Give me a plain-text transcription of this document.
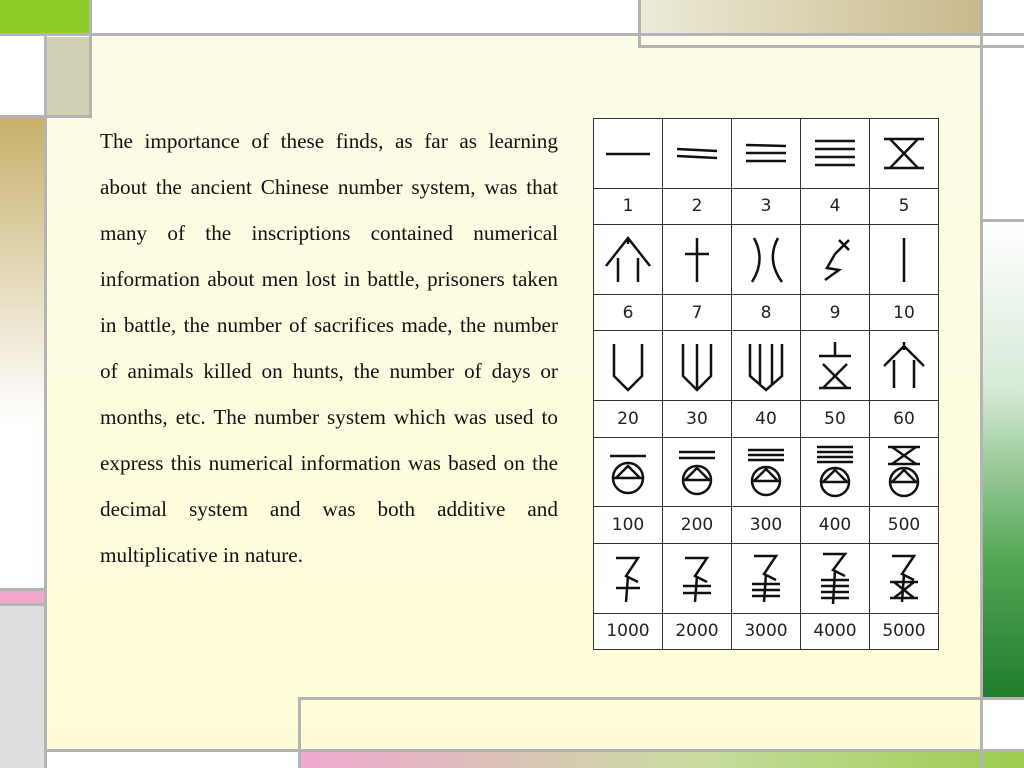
The importance of these finds, as far as learning about the ancient Chinese number system, was that many of the inscriptions contained numerical information about men lost in battle, prisoners taken in battle, the number of sacrifices made, the number of animals killed on hunts, the number of days or months, etc. The number system which was used to express this numerical information was based on the decimal system and was both additive and multiplicative in nature.

1	2	3	4	5

6	7	8	9	10

20	30	40	50	60

100	200	300	400	500

1000	2000	3000	4000	5000
